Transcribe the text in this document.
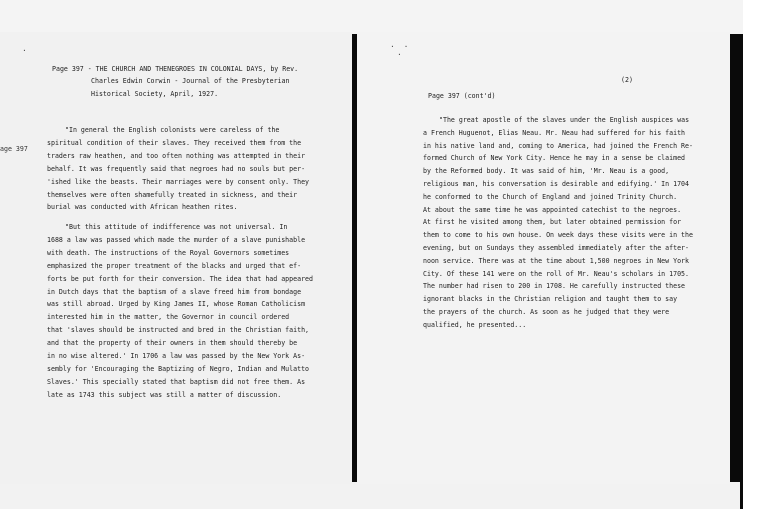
·
age 397
Page 397 - THE CHURCH AND THENEGROES IN COLONIAL DAYS, by Rev.
Charles Edwin Corwin - Journal of the Presbyterian
Historical Society, April, 1927.
"In general the English colonists were careless of the
spiritual condition of their slaves. They received them from the
traders raw heathen, and too often nothing was attempted in their
behalf. It was frequently said that negroes had no souls but per-
'ished like the beasts. Their marriages were by consent only. They
themselves were often shamefully treated in sickness, and their
burial was conducted with African heathen rites.
"But this attitude of indifference was not universal. In
1688 a law was passed which made the murder of a slave punishable
with death. The instructions of the Royal Governors sometimes
emphasized the proper treatment of the blacks and urged that ef-
forts be put forth for their conversion. The idea that had appeared
in Dutch days that the baptism of a slave freed him from bondage
was still abroad. Urged by King James II, whose Roman Catholicism
interested him in the matter, the Governor in council ordered
that 'slaves should be instructed and bred in the Christian faith,
and that the property of their owners in them should thereby be
in no wise altered.' In 1706 a law was passed by the New York As-
sembly for 'Encouraging the Baptizing of Negro, Indian and Mulatto
Slaves.' This specially stated that baptism did not free them. As
late as 1743 this subject was still a matter of discussion.
· ·
·
(2)
Page 397 (cont'd)
"The great apostle of the slaves under the English auspices was
a French Huguenot, Elias Neau. Mr. Neau had suffered for his faith
in his native land and, coming to America, had joined the French Re-
formed Church of New York City. Hence he may in a sense be claimed
by the Reformed body. It was said of him, 'Mr. Neau is a good,
religious man, his conversation is desirable and edifying.' In 1704
he conformed to the Church of England and joined Trinity Church.
At about the same time he was appointed catechist to the negroes.
At first he visited among them, but later obtained permission for
them to come to his own house. On week days these visits were in the
evening, but on Sundays they assembled immediately after the after-
noon service. There was at the time about 1,500 negroes in New York
City. Of these 141 were on the roll of Mr. Neau's scholars in 1705.
The number had risen to 200 in 1708. He carefully instructed these
ignorant blacks in the Christian religion and taught them to say
the prayers of the church. As soon as he judged that they were
qualified, he presented...
